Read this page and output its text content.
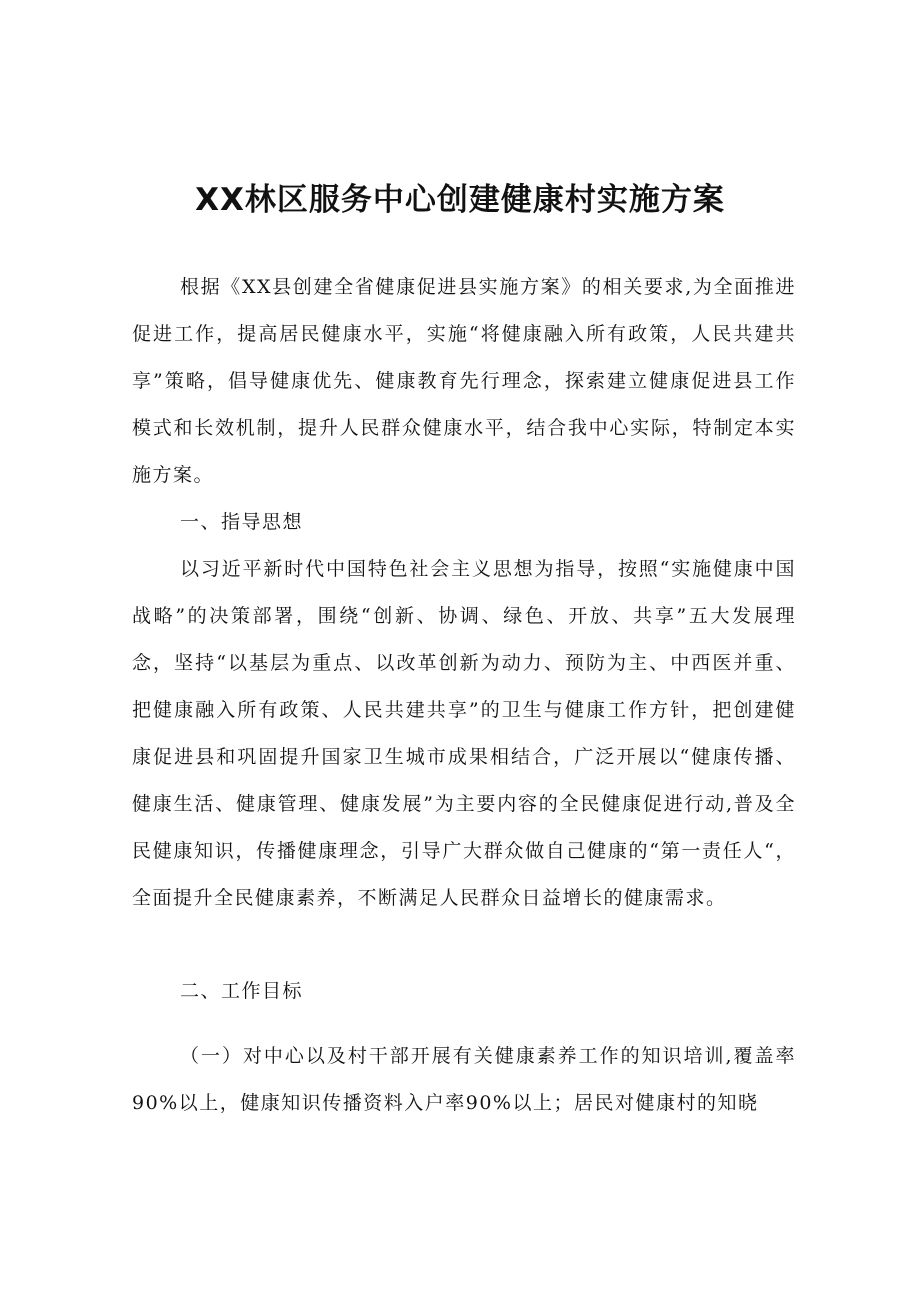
XX林区服务中心创建健康村实施方案

根据《XX县创建全省健康促进县实施方案》的相关要求,为全面推进促进工作，提高居民健康水平，实施“将健康融入所有政策，人民共建共享”策略，倡导健康优先、健康教育先行理念，探索建立健康促进县工作模式和长效机制，提升人民群众健康水平，结合我中心实际，特制定本实施方案。

一、指导思想

以习近平新时代中国特色社会主义思想为指导，按照“实施健康中国战略”的决策部署，围绕“创新、协调、绿色、开放、共享”五大发展理念，坚持“以基层为重点、以改革创新为动力、预防为主、中西医并重、把健康融入所有政策、人民共建共享”的卫生与健康工作方针，把创建健康促进县和巩固提升国家卫生城市成果相结合，广泛开展以“健康传播、健康生活、健康管理、健康发展”为主要内容的全民健康促进行动,普及全民健康知识，传播健康理念，引导广大群众做自己健康的“第一责任人“，全面提升全民健康素养，不断满足人民群众日益增长的健康需求。

二、工作目标

（一）对中心以及村干部开展有关健康素养工作的知识培训,覆盖率90%以上，健康知识传播资料入户率90%以上；居民对健康村的知晓
